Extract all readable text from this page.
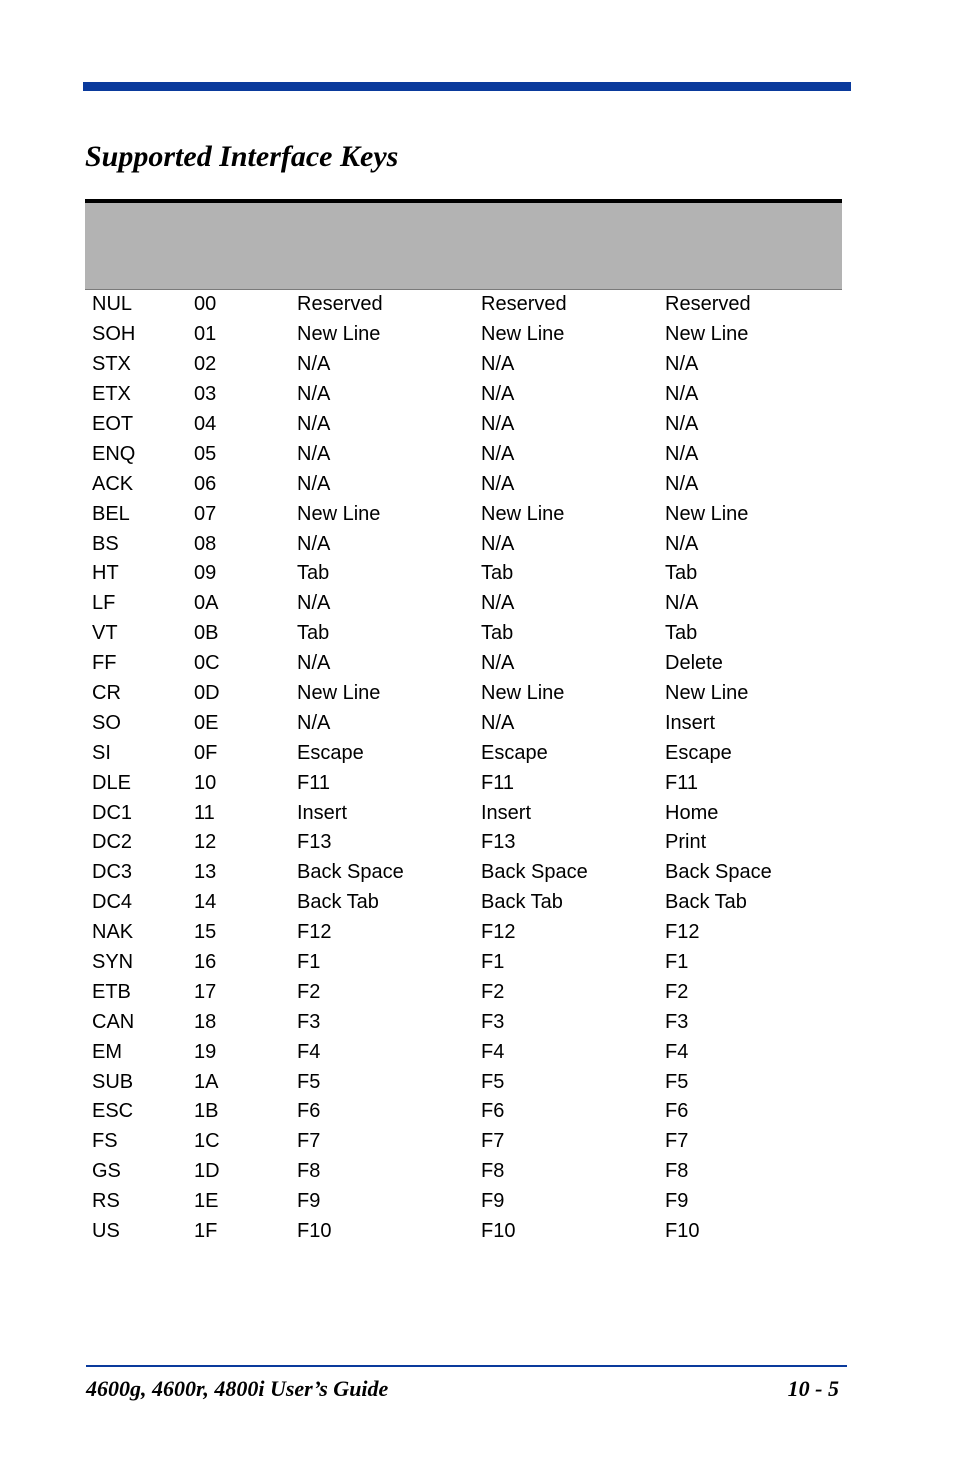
Supported Interface Keys
NUL	00	Reserved	Reserved	Reserved
SOH	01	New Line	New Line	New Line
STX	02	N/A	N/A	N/A
ETX	03	N/A	N/A	N/A
EOT	04	N/A	N/A	N/A
ENQ	05	N/A	N/A	N/A
ACK	06	N/A	N/A	N/A
BEL	07	New Line	New Line	New Line
BS	08	N/A	N/A	N/A
HT	09	Tab	Tab	Tab
LF	0A	N/A	N/A	N/A
VT	0B	Tab	Tab	Tab
FF	0C	N/A	N/A	Delete
CR	0D	New Line	New Line	New Line
SO	0E	N/A	N/A	Insert
SI	0F	Escape	Escape	Escape
DLE	10	F11	F11	F11
DC1	11	Insert	Insert	Home
DC2	12	F13	F13	Print
DC3	13	Back Space	Back Space	Back Space
DC4	14	Back Tab	Back Tab	Back Tab
NAK	15	F12	F12	F12
SYN	16	F1	F1	F1
ETB	17	F2	F2	F2
CAN	18	F3	F3	F3
EM	19	F4	F4	F4
SUB	1A	F5	F5	F5
ESC	1B	F6	F6	F6
FS	1C	F7	F7	F7
GS	1D	F8	F8	F8
RS	1E	F9	F9	F9
US	1F	F10	F10	F10
4600g, 4600r, 4800i User’s Guide	10 - 5
